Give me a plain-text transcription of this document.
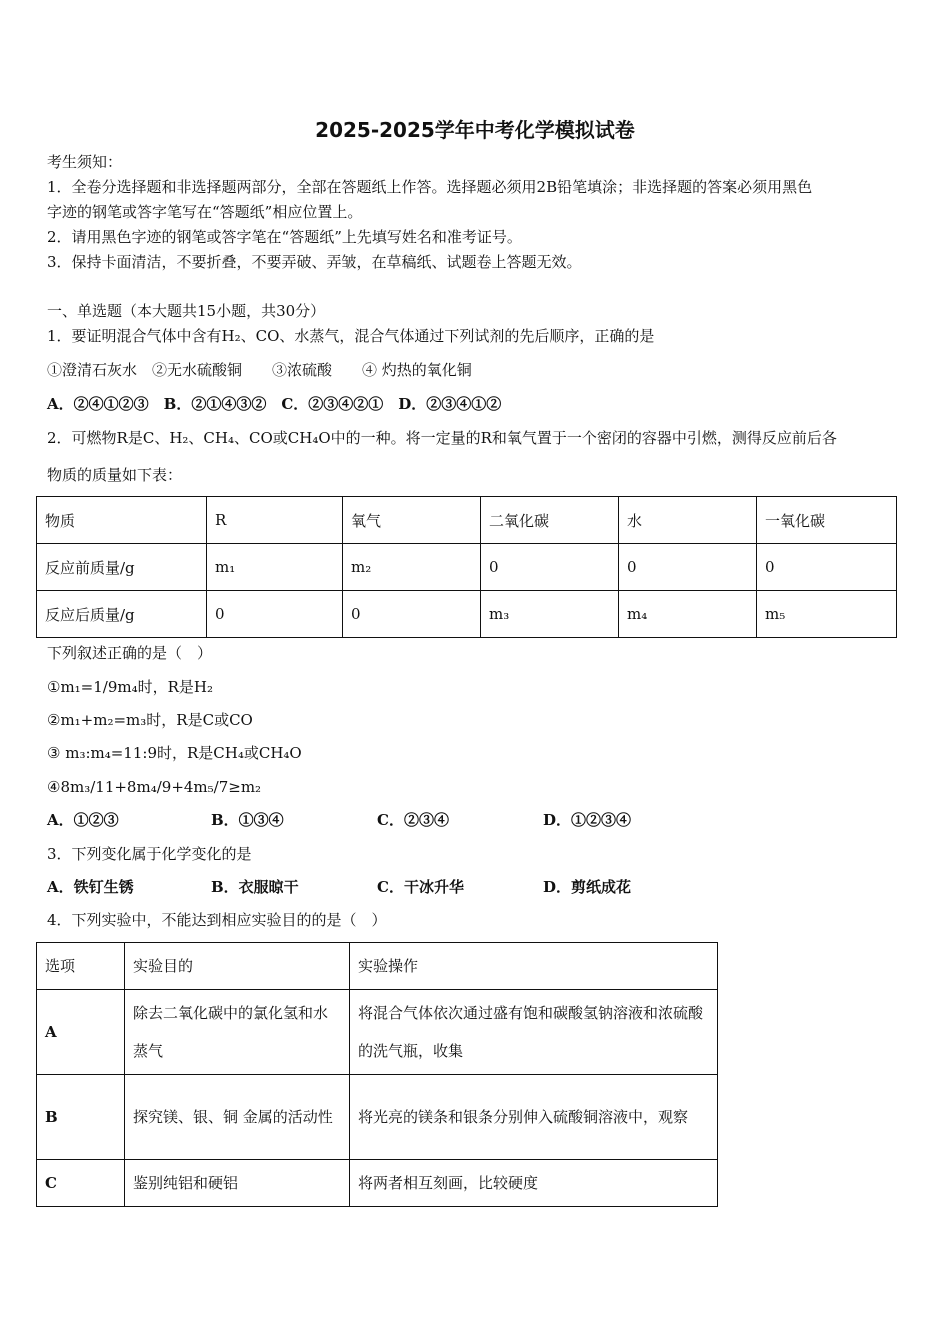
2025-2025学年中考化学模拟试卷
考生须知：
1．全卷分选择题和非选择题两部分，全部在答题纸上作答。选择题必须用2B铅笔填涂；非选择题的答案必须用黑色
字迹的钢笔或答字笔写在“答题纸”相应位置上。
2．请用黑色字迹的钢笔或答字笔在“答题纸”上先填写姓名和准考证号。
3．保持卡面清洁，不要折叠，不要弄破、弄皱，在草稿纸、试题卷上答题无效。
一、单选题（本大题共15小题，共30分）
1．要证明混合气体中含有H₂、CO、水蒸气，混合气体通过下列试剂的先后顺序，正确的是
①澄清石灰水　②无水硫酸铜　　③浓硫酸　　④ 灼热的氧化铜
A．②④①②③　B．②①④③②　C．②③④②①　D．②③④①②
2．可燃物R是C、H₂、CH₄、CO或CH₄O中的一种。将一定量的R和氧气置于一个密闭的容器中引燃，测得反应前后各
物质的质量如下表：
物质	R	氧气	二氧化碳	水	一氧化碳
反应前质量/g	m₁	m₂	0	0	0
反应后质量/g	0	0	m₃	m₄	m₅
下列叙述正确的是（　）
①m₁=1/9m₄时，R是H₂
②m₁+m₂=m₃时，R是C或CO
③ m₃:m₄=11:9时，R是CH₄或CH₄O
④8m₃/11+8m₄/9+4m₅/7≥m₂
A．①②③	B．①③④	C．②③④	D．①②③④
3．下列变化属于化学变化的是
A．铁钉生锈	B．衣服晾干	C．干冰升华	D．剪纸成花
4．下列实验中，不能达到相应实验目的的是（　）
选项	实验目的	实验操作
A	除去二氧化碳中的氯化氢和水蒸气	将混合气体依次通过盛有饱和碳酸氢钠溶液和浓硫酸的洗气瓶，收集
B	探究镁、银、铜 金属的活动性	将光亮的镁条和银条分别伸入硫酸铜溶液中，观察
C	鉴别纯铝和硬铝	将两者相互刻画，比较硬度
